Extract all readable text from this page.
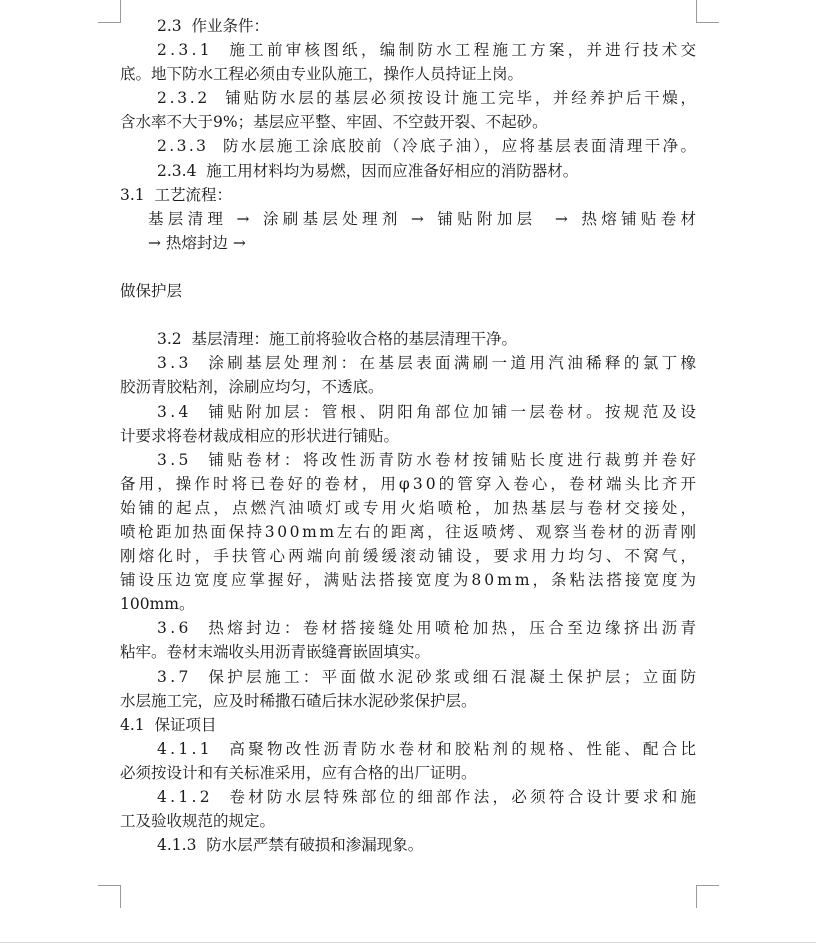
2.3  作业条件：
2.3.1  施工前审核图纸，编制防水工程施工方案，并进行技术交
底。地下防水工程必须由专业队施工，操作人员持证上岗。
2.3.2  铺贴防水层的基层必须按设计施工完毕，并经养护后干燥，
含水率不大于9%；基层应平整、牢固、不空鼓开裂、不起砂。
2.3.3  防水层施工涂底胶前（冷底子油），应将基层表面清理干净。
2.3.4  施工用材料均为易燃，因而应准备好相应的消防器材。
3.1  工艺流程：
基层清理 → 涂刷基层处理剂 → 铺贴附加层  → 热熔铺贴卷材
→ 热熔封边 →
做保护层
3.2  基层清理：施工前将验收合格的基层清理干净。
3.3  涂刷基层处理剂：在基层表面满刷一道用汽油稀释的氯丁橡
胶沥青胶粘剂，涂刷应均匀，不透底。
3.4  铺贴附加层：管根、阴阳角部位加铺一层卷材。按规范及设
计要求将卷材裁成相应的形状进行铺贴。
3.5  铺贴卷材：将改性沥青防水卷材按铺贴长度进行裁剪并卷好
备用，操作时将已卷好的卷材，用φ30的管穿入卷心，卷材端头比齐开
始铺的起点，点燃汽油喷灯或专用火焰喷枪，加热基层与卷材交接处，
喷枪距加热面保持300mm左右的距离，往返喷烤、观察当卷材的沥青刚
刚熔化时，手扶管心两端向前缓缓滚动铺设，要求用力均匀、不窝气，
铺设压边宽度应掌握好，满贴法搭接宽度为80mm，条粘法搭接宽度为
100mm。
3.6  热熔封边：卷材搭接缝处用喷枪加热，压合至边缘挤出沥青
粘牢。卷材末端收头用沥青嵌缝膏嵌固填实。
3.7  保护层施工：平面做水泥砂浆或细石混凝土保护层；立面防
水层施工完，应及时稀撒石碴后抹水泥砂浆保护层。
4.1  保证项目
4.1.1  高聚物改性沥青防水卷材和胶粘剂的规格、性能、配合比
必须按设计和有关标准采用，应有合格的出厂证明。
4.1.2  卷材防水层特殊部位的细部作法，必须符合设计要求和施
工及验收规范的规定。
4.1.3  防水层严禁有破损和渗漏现象。
